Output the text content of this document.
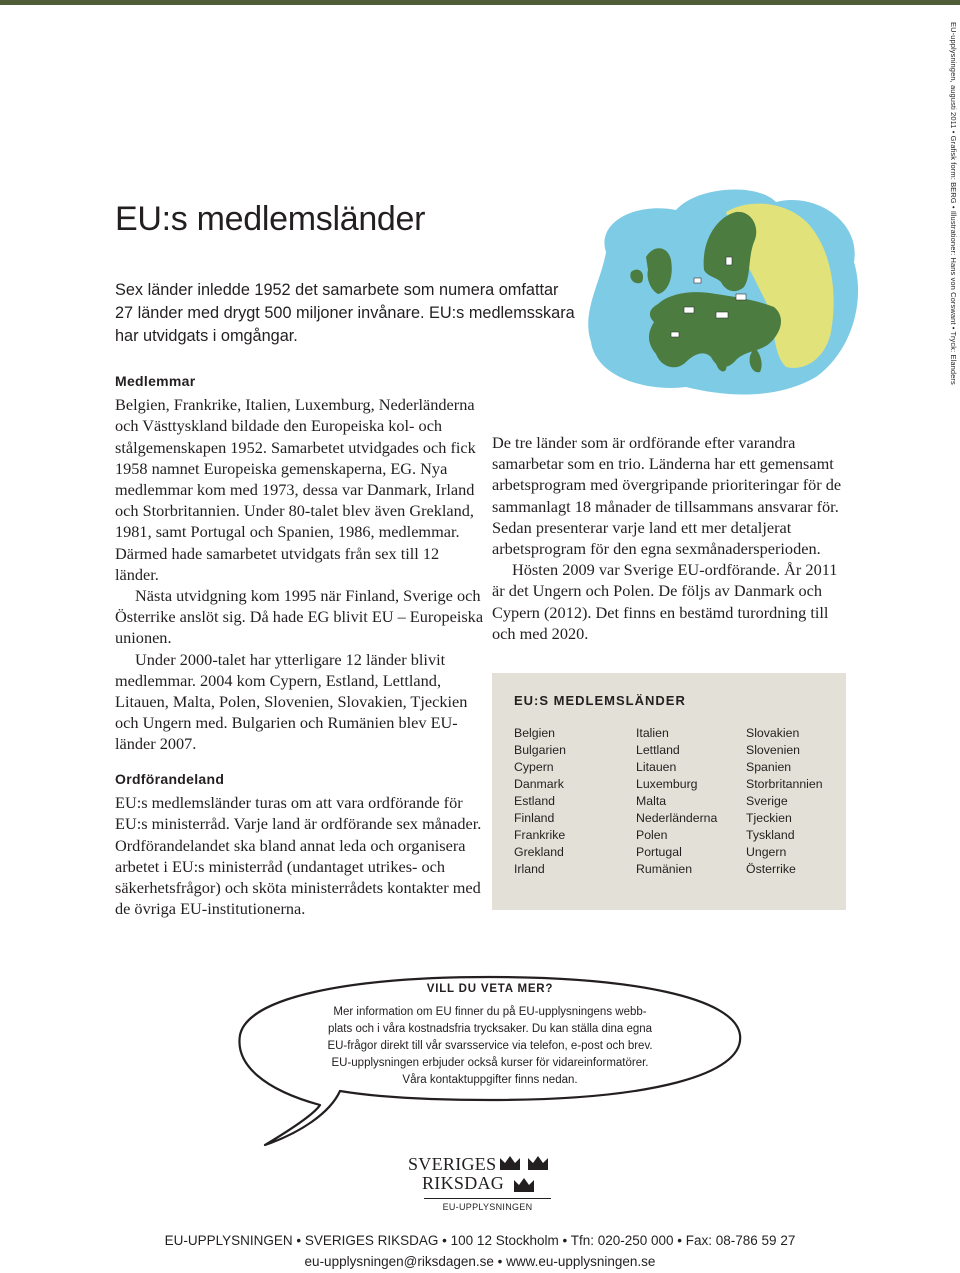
EU-upplysningen, augusti 2011 • Grafisk form: BERG • Illustrationer: Hans von Corswant • Tryck: Elanders
EU:s medlemsländer
Sex länder inledde 1952 det samarbete som numera omfattar
27 länder med drygt 500 miljoner invånare. EU:s medlemsskara
har utvidgats i omgångar.
Medlemmar

Belgien, Frankrike, Italien, Luxemburg, Nederländerna och Västtyskland bildade den Europeiska kol- och stålgemenskapen 1952. Samarbetet utvidgades och fick 1958 namnet Europeiska gemenskaperna, EG. Nya medlemmar kom med 1973, dessa var Danmark, Irland och Storbritannien. Under 80-talet blev även Grekland, 1981, samt Portugal och Spanien, 1986, medlemmar. Därmed hade samarbetet utvidgats från sex till 12 länder.

Nästa utvidgning kom 1995 när Finland, Sverige och Österrike anslöt sig. Då hade EG blivit EU – Europeiska unionen.

Under 2000-talet har ytterligare 12 länder blivit medlemmar. 2004 kom Cypern, Estland, Lettland, Litauen, Malta, Polen, Slovenien, Slovakien, Tjeckien och Ungern med. Bulgarien och Rumänien blev EU-länder 2007.

Ordförandeland

EU:s medlemsländer turas om att vara ordförande för EU:s ministerråd. Varje land är ordförande sex månader. Ordförandelandet ska bland annat leda och organisera arbetet i EU:s ministerråd (undantaget utrikes- och säkerhetsfrågor) och sköta ministerrådets kontakter med de övriga EU-institutionerna.

De tre länder som är ordförande efter varandra samarbetar som en trio. Länderna har ett gemensamt arbetsprogram med övergripande prioriteringar för de sammanlagt 18 månader de tillsammans ansvarar för. Sedan presenterar varje land ett mer detaljerat arbetsprogram för den egna sexmånadersperioden.

Hösten 2009 var Sverige EU-ordförande. År 2011 är det Ungern och Polen. De följs av Danmark och Cypern (2012). Det finns en bestämd turordning till och med 2020.

EU:S MEDLEMSLÄNDER
Belgien
Bulgarien
Cypern
Danmark
Estland
Finland
Frankrike
Grekland
Irland
Italien
Lettland
Litauen
Luxemburg
Malta
Nederländerna
Polen
Portugal
Rumänien
Slovakien
Slovenien
Spanien
Storbritannien
Sverige
Tjeckien
Tyskland
Ungern
Österrike
VILL DU VETA MER?
Mer information om EU finner du på EU-upplysningens webb-
plats och i våra kostnadsfria trycksaker. Du kan ställa dina egna
EU-frågor direkt till vår svarsservice via telefon, e-post och brev.
EU-upplysningen erbjuder också kurser för vidareinformatörer.
Våra kontaktuppgifter finns nedan.
SVERIGES
RIKSDAG
EU-UPPLYSNINGEN
EU-UPPLYSNINGEN • SVERIGES RIKSDAG • 100 12 Stockholm • Tfn: 020-250 000 • Fax: 08-786 59 27
eu-upplysningen@riksdagen.se • www.eu-upplysningen.se
